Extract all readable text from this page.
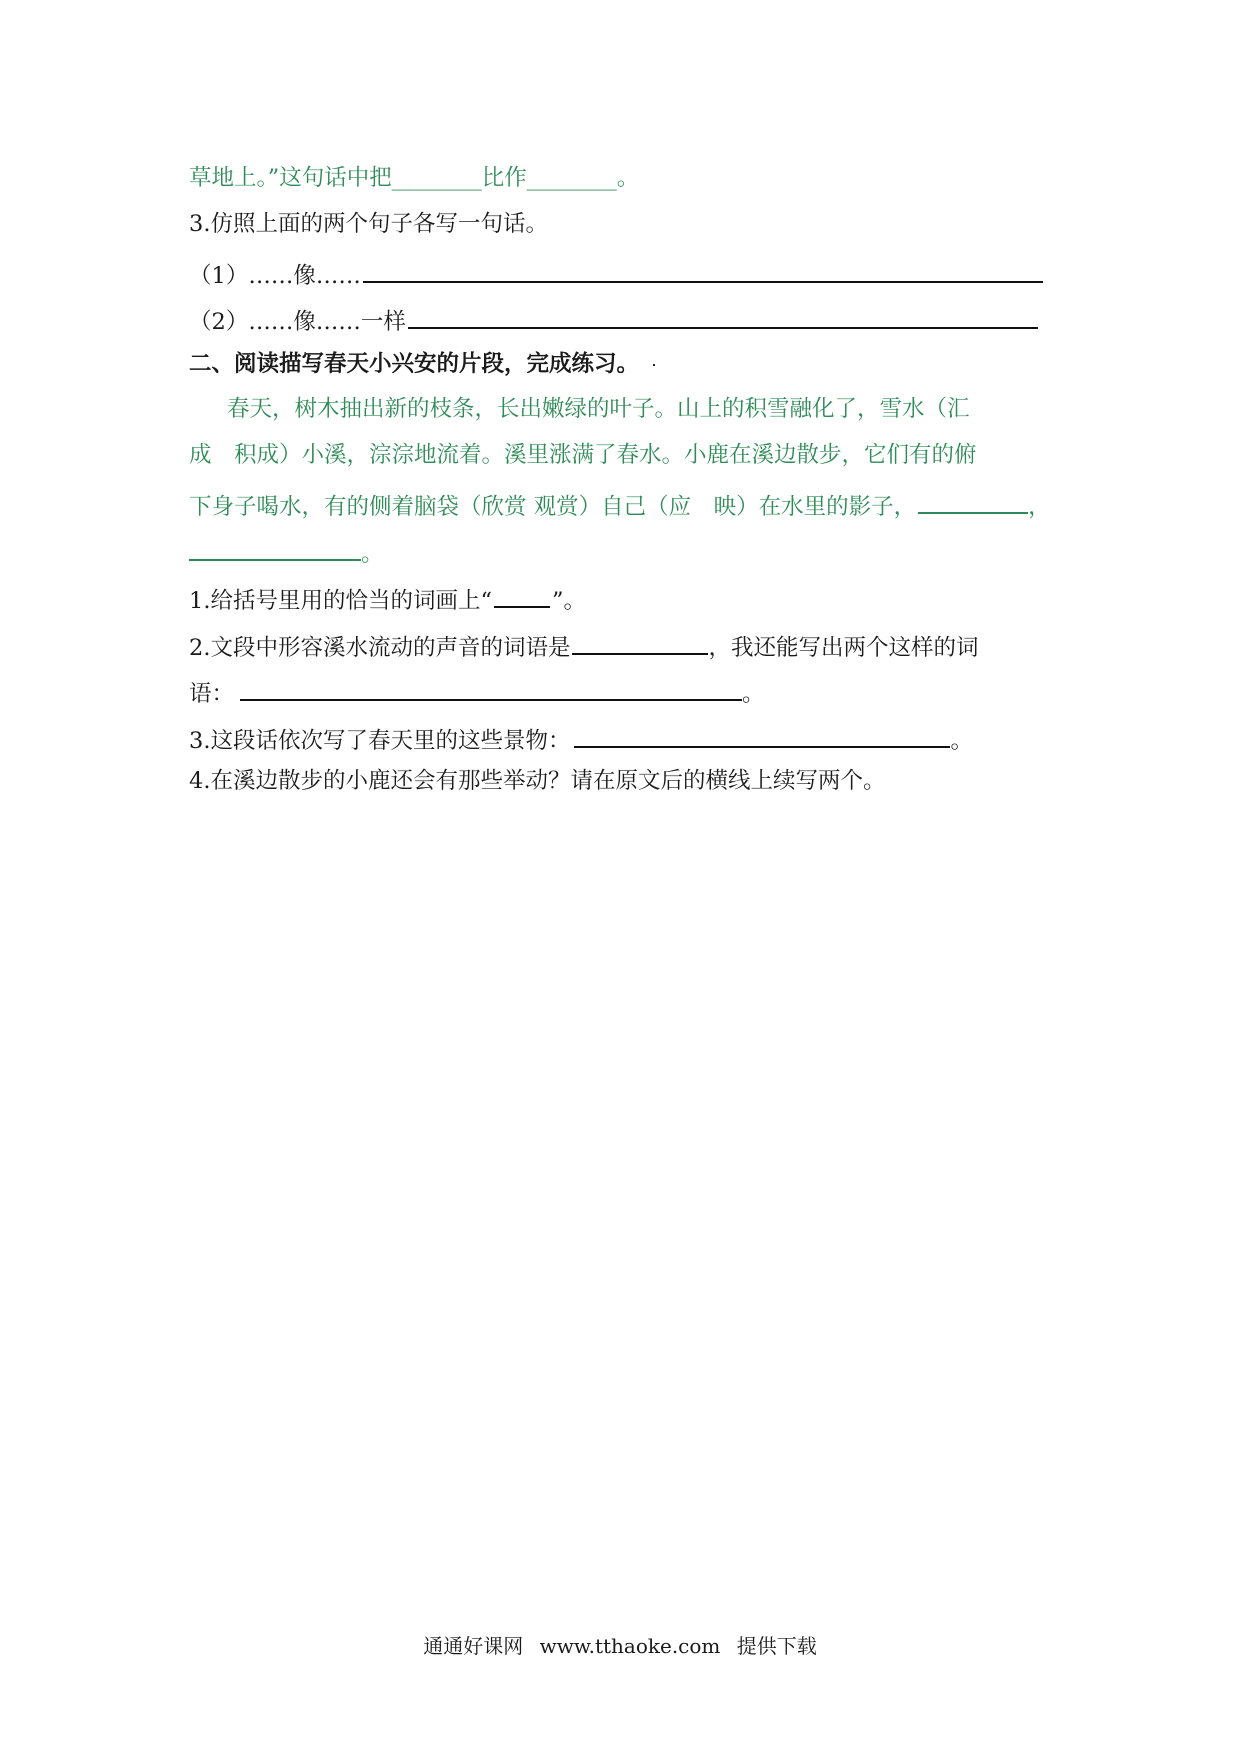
草地上。”这句话中把________比作________。
3.仿照上面的两个句子各写一句话。
（1）……像……
（2）……像……一样
二、阅读描写春天小兴安的片段，完成练习。
春天，树木抽出新的枝条，长出嫩绿的叶子。山上的积雪融化了，雪水（汇
成　积成）小溪，淙淙地流着。溪里涨满了春水。小鹿在溪边散步，它们有的俯
下身子喝水，有的侧着脑袋（欣赏 观赏）自己（应　映）在水里的影子，	，
。
1.给括号里用的恰当的词画上“	”。
2.文段中形容溪水流动的声音的词语是	，我还能写出两个这样的词
语：	。
3.这段话依次写了春天里的这些景物：	。
4.在溪边散步的小鹿还会有那些举动？请在原文后的横线上续写两个。
通通好课网 www.tthaoke.com 提供下载
